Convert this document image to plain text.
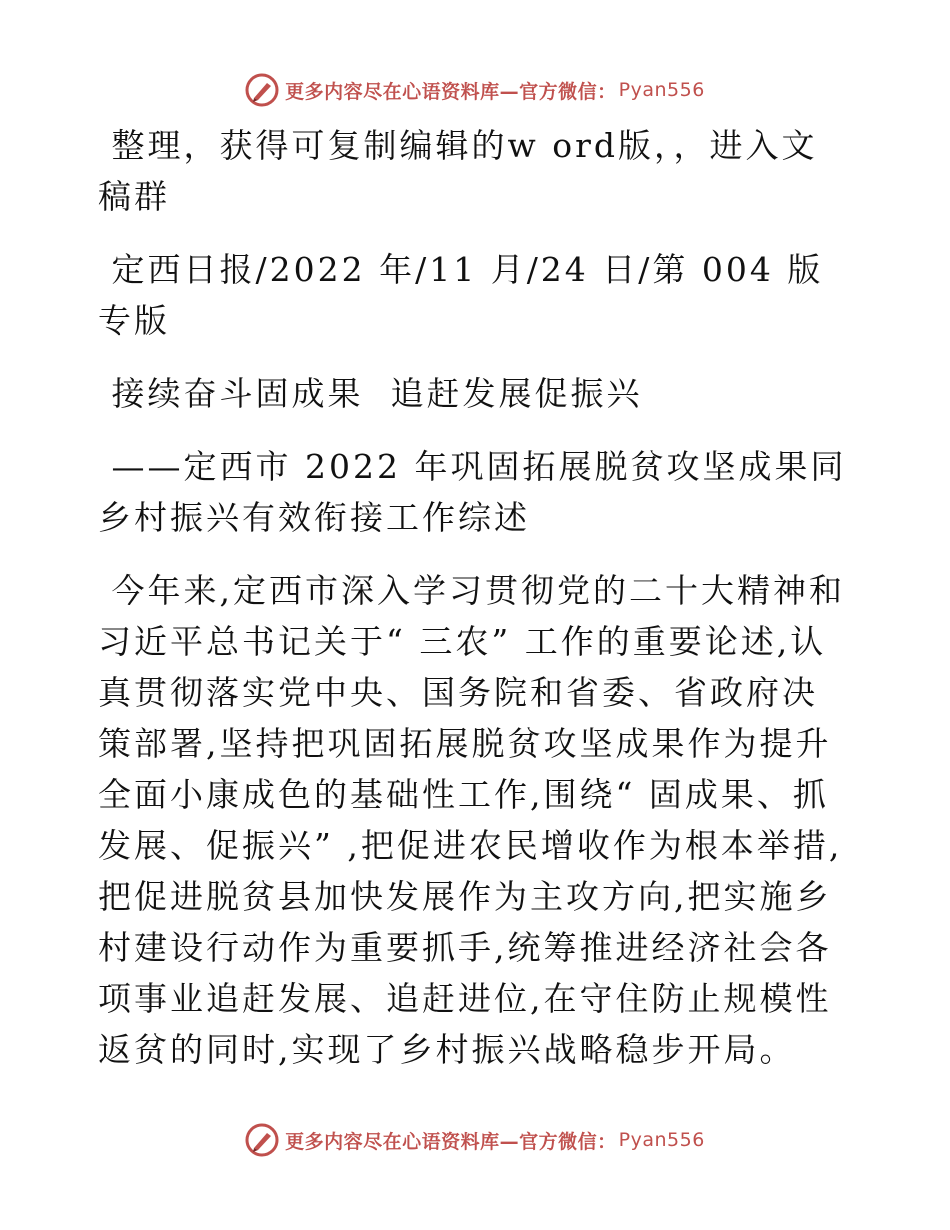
更多内容尽在心语资料库—官方微信： Pyan556

整理，获得可复制编辑的w ord版，，进入文稿群

定西日报/2022 年/11 月/24 日/第 004 版专版

接续奋斗固成果  追赶发展促振兴

——定西市 2022 年巩固拓展脱贫攻坚成果同乡村振兴有效衔接工作综述

今年来,定西市深入学习贯彻党的二十大精神和习近平总书记关于“ 三农” 工作的重要论述,认真贯彻落实党中央、国务院和省委、省政府决策部署,坚持把巩固拓展脱贫攻坚成果作为提升全面小康成色的基础性工作,围绕“ 固成果、抓发展、促振兴” ,把促进农民增收作为根本举措,把促进脱贫县加快发展作为主攻方向,把实施乡村建设行动作为重要抓手,统筹推进经济社会各项事业追赶发展、追赶进位,在守住防止规模性返贫的同时,实现了乡村振兴战略稳步开局。

更多内容尽在心语资料库—官方微信： Pyan556
